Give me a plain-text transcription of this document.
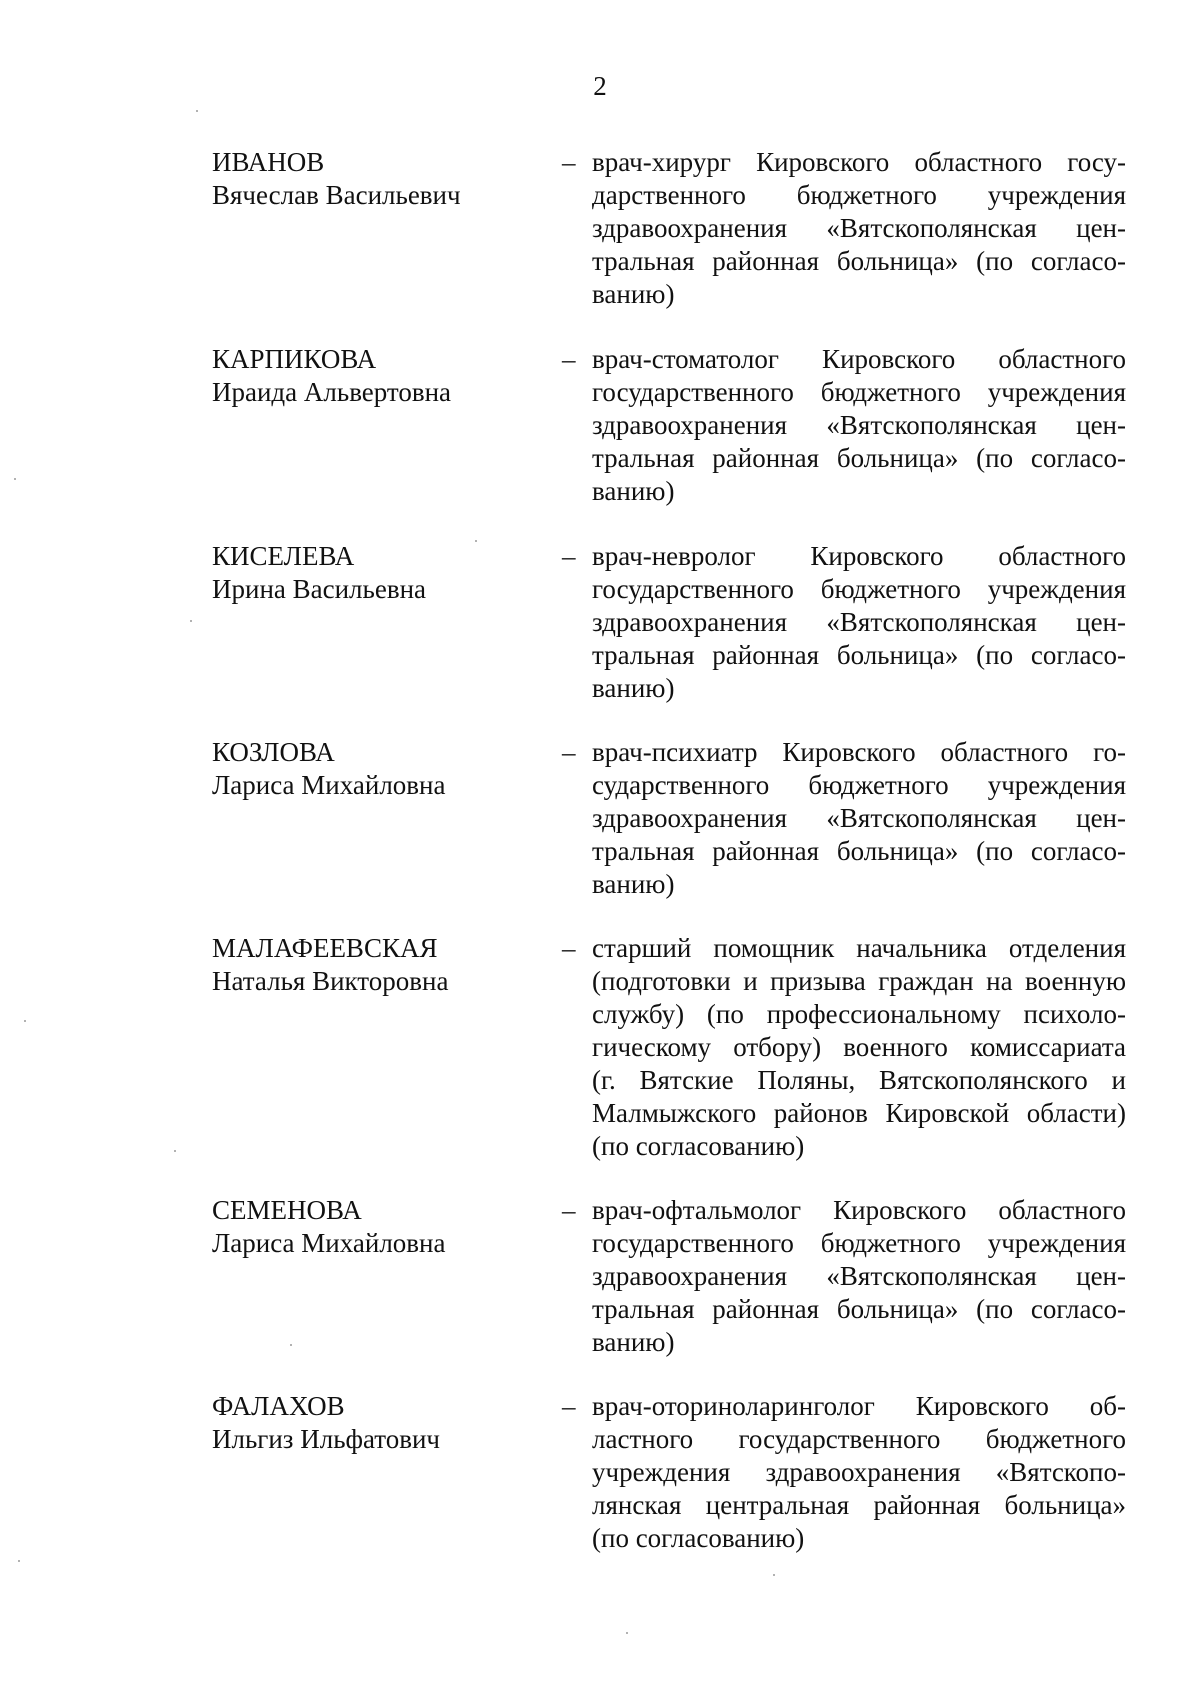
2
ИВАНОВ
Вячеслав Васильевич
– врач-хирург Кировского областного госу-
дарственного бюджетного учреждения
здравоохранения «Вятскополянская цен-
тральная районная больница» (по согласо-
ванию)
КАРПИКОВА
Ираида Альвертовна
– врач-стоматолог Кировского областного
государственного бюджетного учреждения
здравоохранения «Вятскополянская цен-
тральная районная больница» (по согласо-
ванию)
КИСЕЛЕВА
Ирина Васильевна
– врач-невролог Кировского областного
государственного бюджетного учреждения
здравоохранения «Вятскополянская цен-
тральная районная больница» (по согласо-
ванию)
КОЗЛОВА
Лариса Михайловна
– врач-психиатр Кировского областного го-
сударственного бюджетного учреждения
здравоохранения «Вятскополянская цен-
тральная районная больница» (по согласо-
ванию)
МАЛАФЕЕВСКАЯ
Наталья Викторовна
– старший помощник начальника отделения
(подготовки и призыва граждан на военную
службу) (по профессиональному психоло-
гическому отбору) военного комиссариата
(г. Вятские Поляны, Вятскополянского и
Малмыжского районов Кировской области)
(по согласованию)
СЕМЕНОВА
Лариса Михайловна
– врач-офтальмолог Кировского областного
государственного бюджетного учреждения
здравоохранения «Вятскополянская цен-
тральная районная больница» (по согласо-
ванию)
ФАЛАХОВ
Ильгиз Ильфатович
– врач-оториноларинголог Кировского об-
ластного государственного бюджетного
учреждения здравоохранения «Вятскопо-
лянская центральная районная больница»
(по согласованию)
